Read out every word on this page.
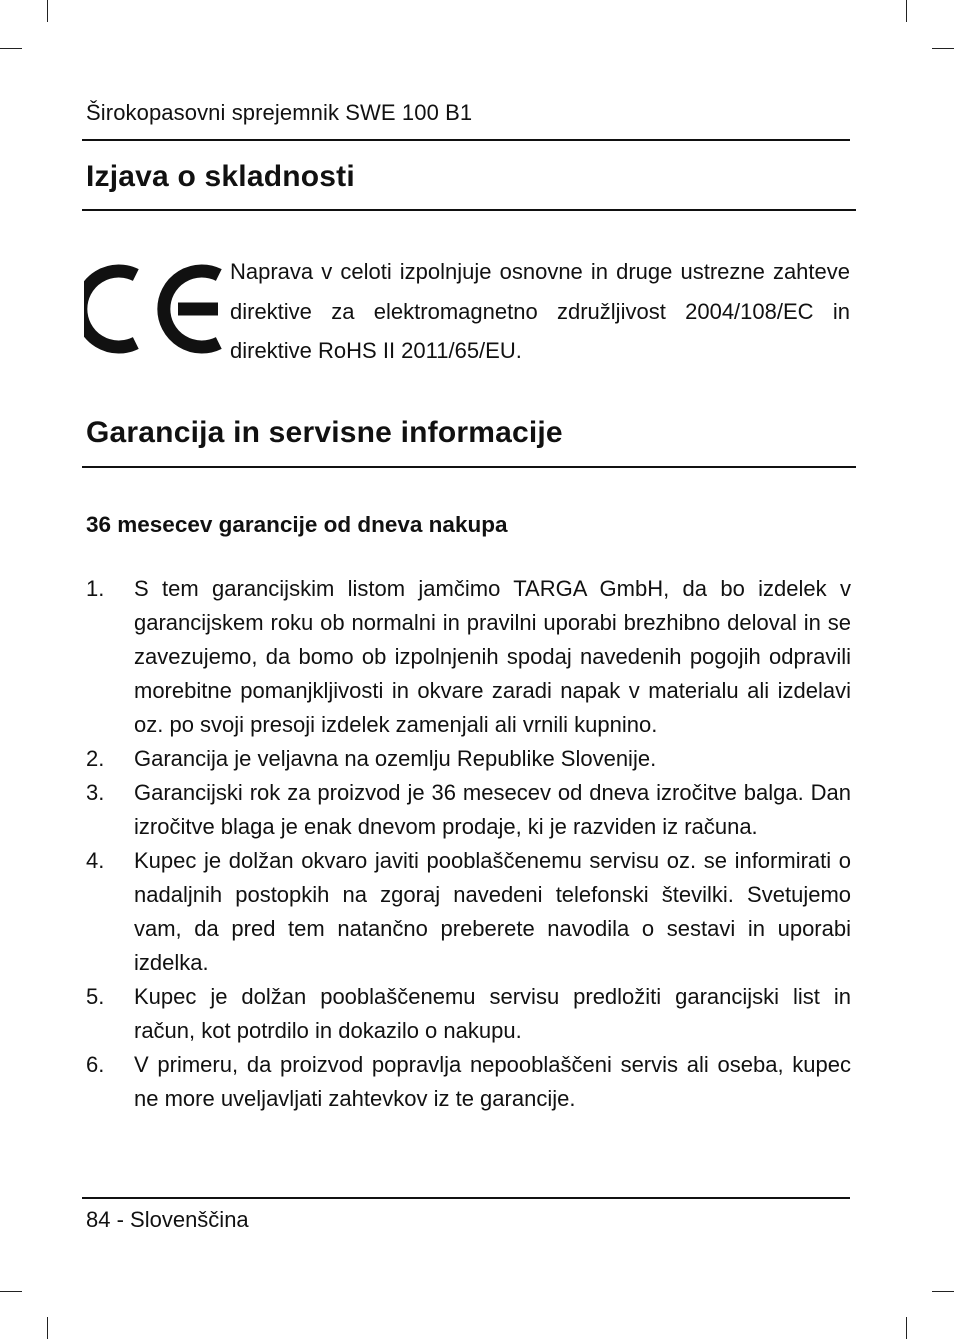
Širokopasovni sprejemnik SWE 100 B1
Izjava o skladnosti
Naprava v celoti izpolnjuje osnovne in druge ustrezne zahteve direktive za elektromagnetno združljivost 2004/108/EC in direktive RoHS II 2011/65/EU.
Garancija in servisne informacije
36 mesecev garancije od dneva nakupa
1. S tem garancijskim listom jamčimo TARGA GmbH, da bo izdelek v garancijskem roku ob normalni in pravilni uporabi brezhibno deloval in se zavezujemo, da bomo ob izpolnjenih spodaj navedenih pogojih odpravili morebitne pomanjkljivosti in okvare zaradi napak v materialu ali izdelavi oz. po svoji presoji izdelek zamenjali ali vrnili kupnino.
2. Garancija je veljavna na ozemlju Republike Slovenije.
3. Garancijski rok za proizvod je 36 mesecev od dneva izročitve balga. Dan izročitve blaga je enak dnevom prodaje, ki je razviden iz računa.
4. Kupec je dolžan okvaro javiti pooblaščenemu servisu oz. se informirati o nadaljnih postopkih na zgoraj navedeni telefonski številki. Svetujemo vam, da pred tem natančno preberete navodila o sestavi in uporabi izdelka.
5. Kupec je dolžan pooblaščenemu servisu predložiti garancijski list in račun, kot potrdilo in dokazilo o nakupu.
6. V primeru, da proizvod popravlja nepooblaščeni servis ali oseba, kupec ne more uveljavljati zahtevkov iz te garancije.
84 - Slovenščina
